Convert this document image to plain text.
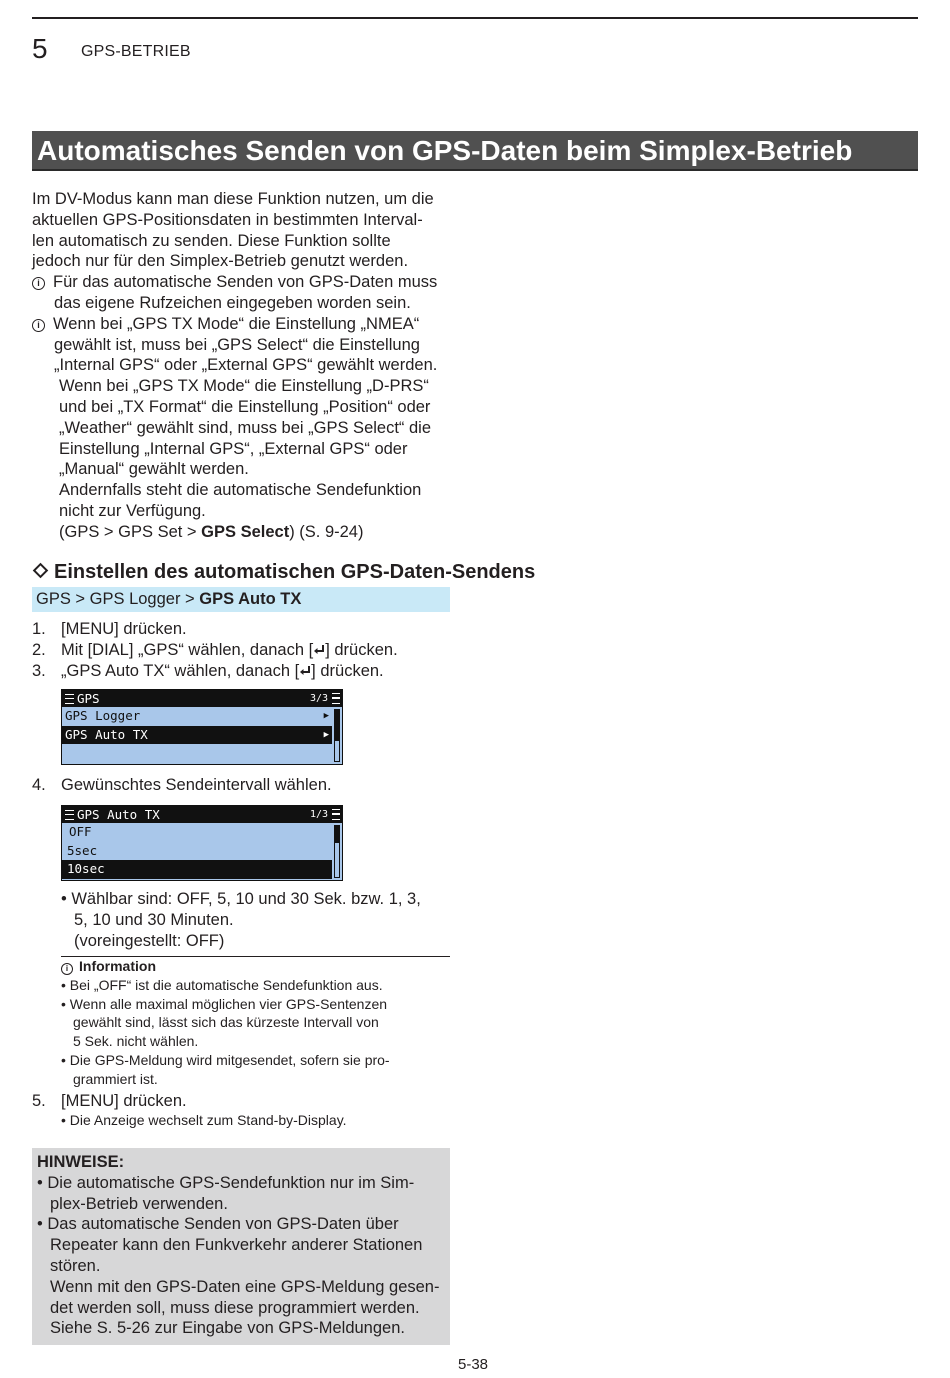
5 GPS-BETRIEB
Automatisches Senden von GPS-Daten beim Simplex-Betrieb
Im DV-Modus kann man diese Funktion nutzen, um die
aktuellen GPS-Positionsdaten in bestimmten Interval-
len automatisch zu senden. Diese Funktion sollte
jedoch nur für den Simplex-Betrieb genutzt werden.
i Für das automatische Senden von GPS-Daten muss
das eigene Rufzeichen eingegeben worden sein.
i Wenn bei „GPS TX Mode“ die Einstellung „NMEA“
gewählt ist, muss bei „GPS Select“ die Einstellung
„Internal GPS“ oder „External GPS“ gewählt werden.
Wenn bei „GPS TX Mode“ die Einstellung „D-PRS“
und bei „TX Format“ die Einstellung „Position“ oder
„Weather“ gewählt sind, muss bei „GPS Select“ die
Einstellung „Internal GPS“, „External GPS“ oder
„Manual“ gewählt werden.
Andernfalls steht die automatische Sendefunktion
nicht zur Verfügung.
(GPS > GPS Set > GPS Select) (S. 9-24)
Einstellen des automatischen GPS-Daten-Sendens
GPS > GPS Logger > GPS Auto TX
1. [MENU] drücken.
2. Mit [DIAL] „GPS“ wählen, danach [ ] drücken.
3. „GPS Auto TX“ wählen, danach [ ] drücken.
GPS	3/3
GPS Logger	▶
GPS Auto TX	▶
4. Gewünschtes Sendeintervall wählen.
GPS Auto TX	1/3
OFF
5sec
10sec
• Wählbar sind: OFF, 5, 10 und 30 Sek. bzw. 1, 3,
5, 10 und 30 Minuten.
(voreingestellt: OFF)
i Information
• Bei „OFF“ ist die automatische Sendefunktion aus.
• Wenn alle maximal möglichen vier GPS-Sentenzen
gewählt sind, lässt sich das kürzeste Intervall von
5 Sek. nicht wählen.
• Die GPS-Meldung wird mitgesendet, sofern sie pro-
grammiert ist.
5. [MENU] drücken.
• Die Anzeige wechselt zum Stand-by-Display.
HINWEISE:
• Die automatische GPS-Sendefunktion nur im Sim-
plex-Betrieb verwenden.
• Das automatische Senden von GPS-Daten über
Repeater kann den Funkverkehr anderer Stationen
stören.
Wenn mit den GPS-Daten eine GPS-Meldung gesen-
det werden soll, muss diese programmiert werden.
Siehe S. 5-26 zur Eingabe von GPS-Meldungen.
5-38
